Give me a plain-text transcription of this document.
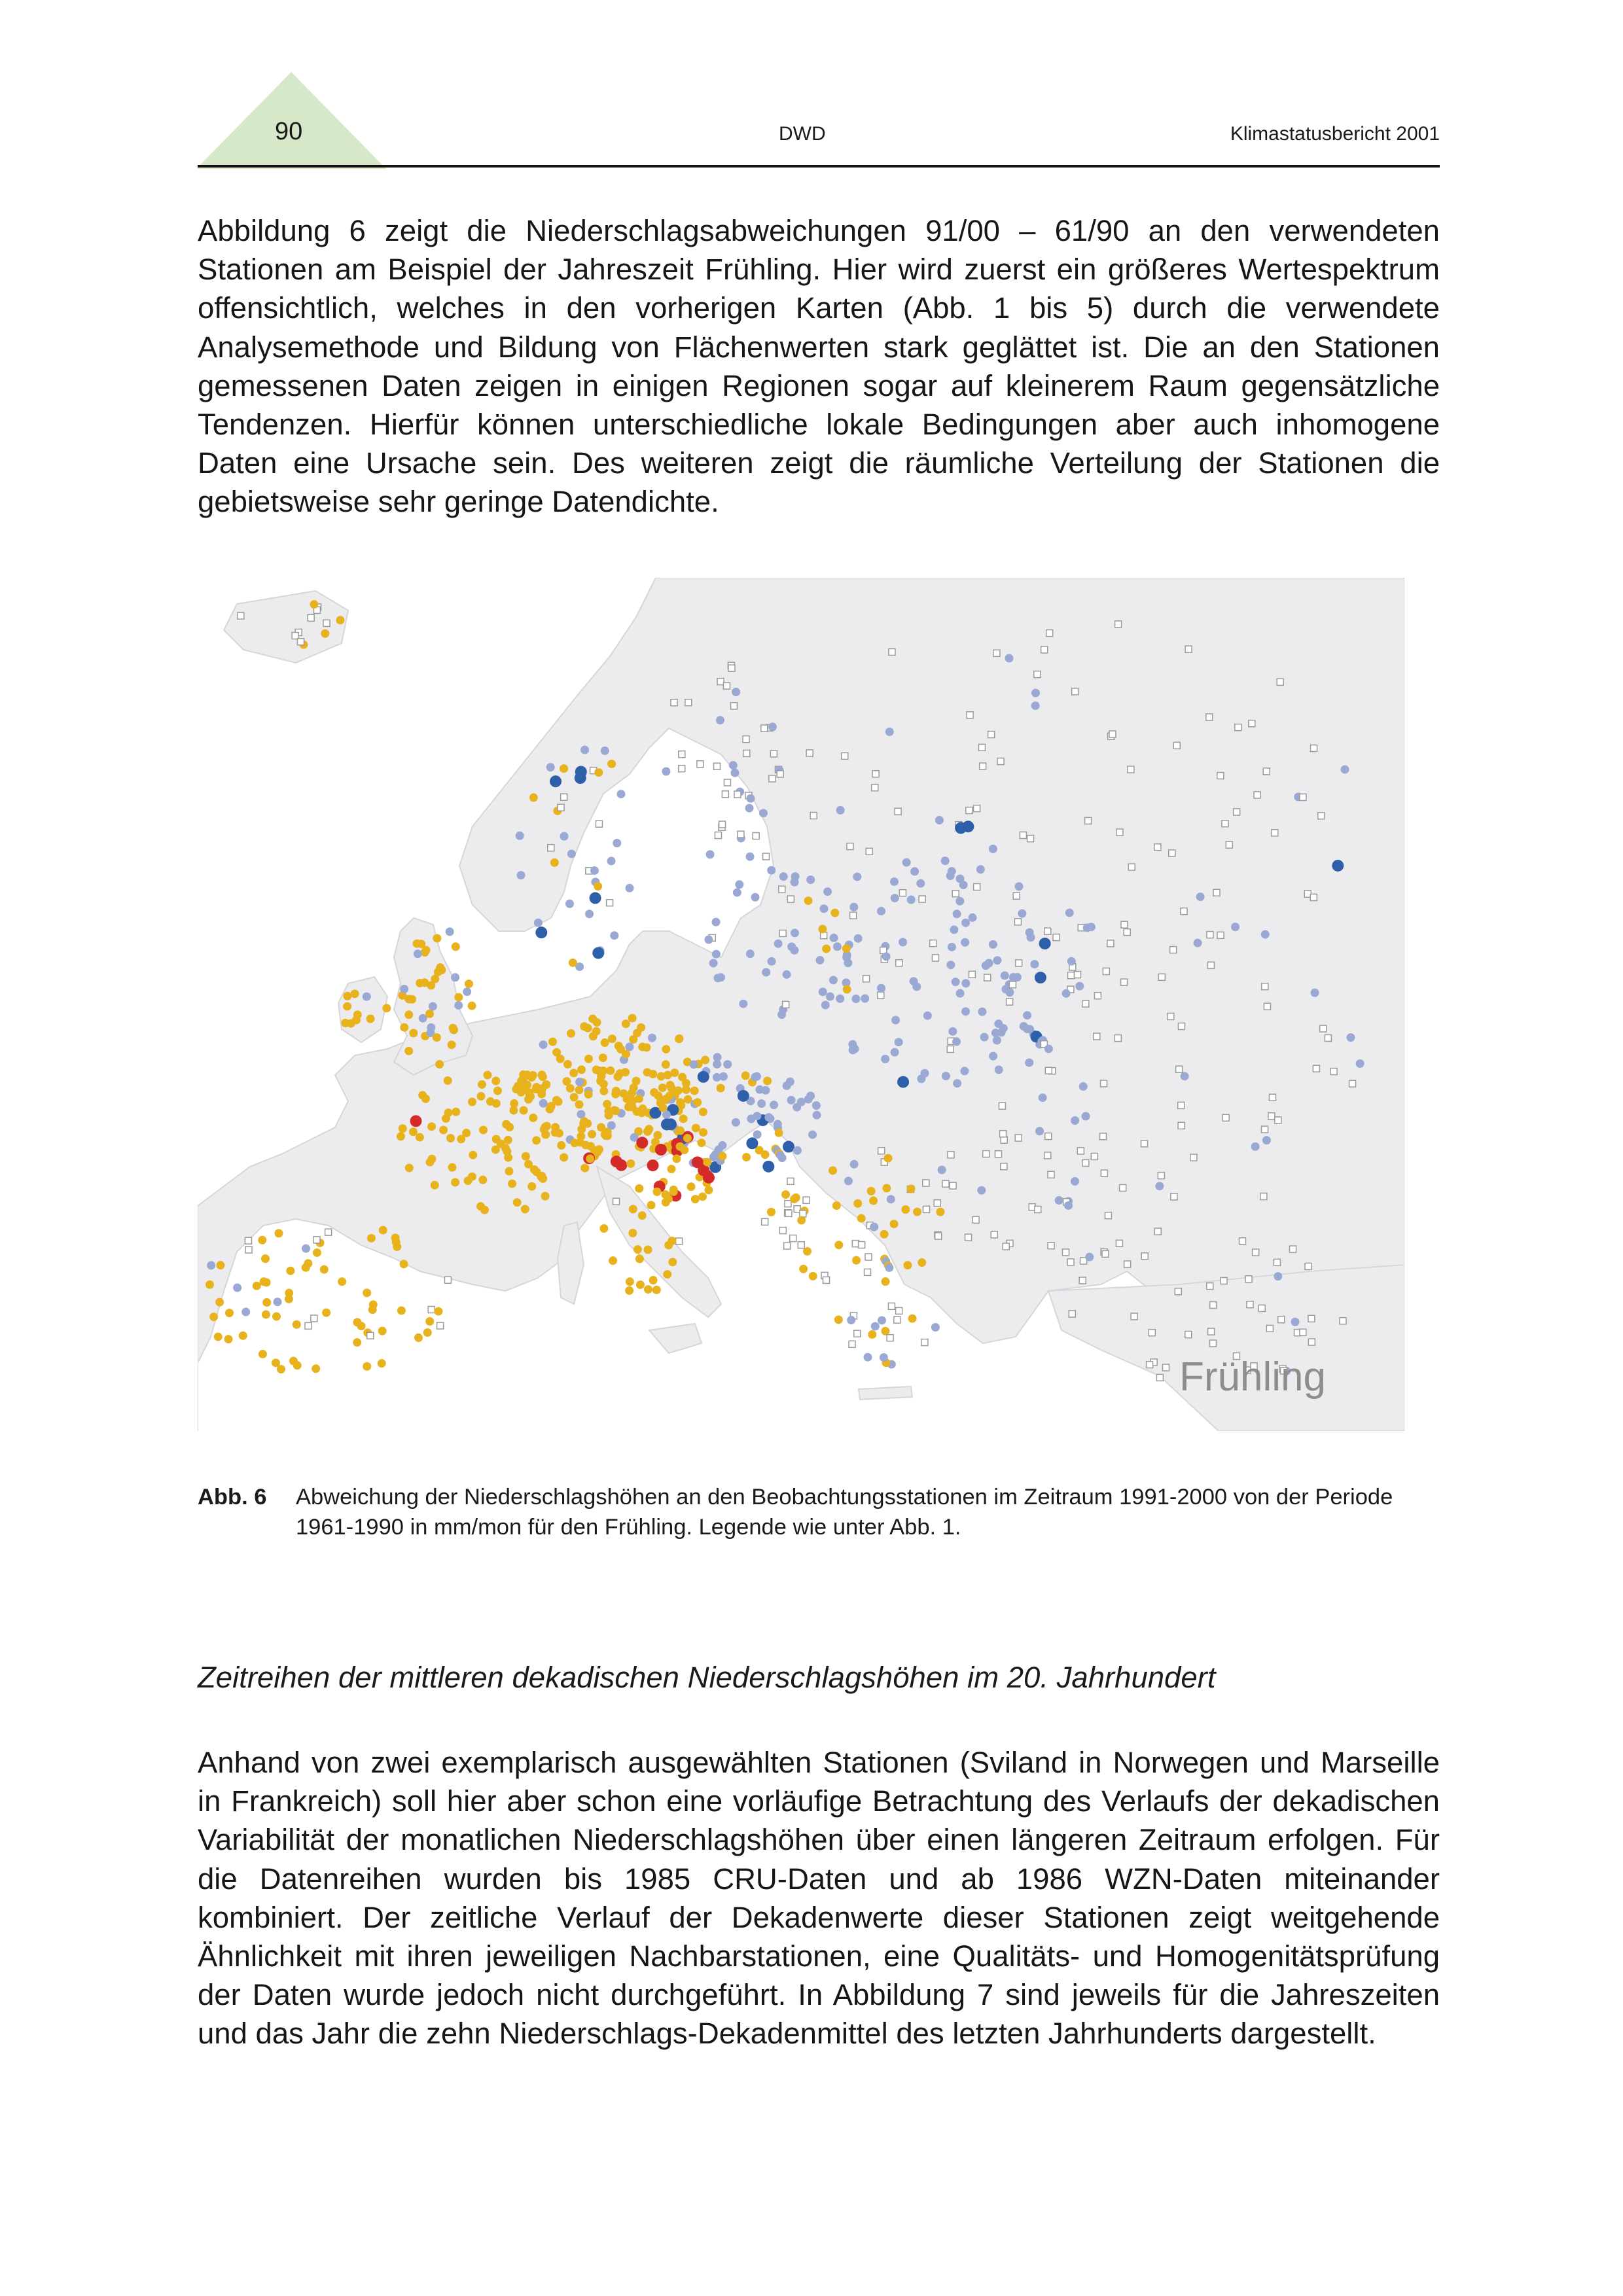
90	DWD	Klimastatusbericht 2001

Abbildung 6 zeigt die Niederschlagsabweichungen 91/00 – 61/90 an den verwendeten Stationen am Beispiel der Jahreszeit Frühling. Hier wird zuerst ein größeres Wertespektrum offensichtlich, welches in den vorherigen Karten (Abb. 1 bis 5) durch die verwendete Analysemethode und Bildung von Flächenwerten stark geglättet ist. Die an den Stationen gemessenen Daten zeigen in einigen Regionen sogar auf kleinerem Raum gegensätzliche Tendenzen. Hierfür können unterschiedliche lokale Bedingungen aber auch inhomogene Daten eine Ursache sein. Des weiteren zeigt die räumliche Verteilung der Stationen die gebietsweise sehr geringe Datendichte.

Frühling
Abb. 6 Abweichung der Niederschlagshöhen an den Beobachtungsstationen im Zeitraum 1991-2000 von der Periode 1961-1990 in mm/mon für den Frühling. Legende wie unter Abb. 1.
Zeitreihen der mittleren dekadischen Niederschlagshöhen im 20. Jahrhundert

Anhand von zwei exemplarisch ausgewählten Stationen (Sviland in Norwegen und Marseille in Frankreich) soll hier aber schon eine vorläufige Betrachtung des Verlaufs der dekadischen Variabilität der monatlichen Niederschlagshöhen über einen längeren Zeitraum erfolgen. Für die Datenreihen wurden bis 1985 CRU-Daten und ab 1986 WZN-Daten miteinander kombiniert. Der zeitliche Verlauf der Dekadenwerte dieser Stationen zeigt weitgehende Ähnlichkeit mit ihren jeweiligen Nachbarstationen, eine Qualitäts- und Homogenitätsprüfung der Daten wurde jedoch nicht durchgeführt. In Abbildung 7 sind jeweils für die Jahreszeiten und das Jahr die zehn Niederschlags-Dekadenmittel des letzten Jahrhunderts dargestellt.
